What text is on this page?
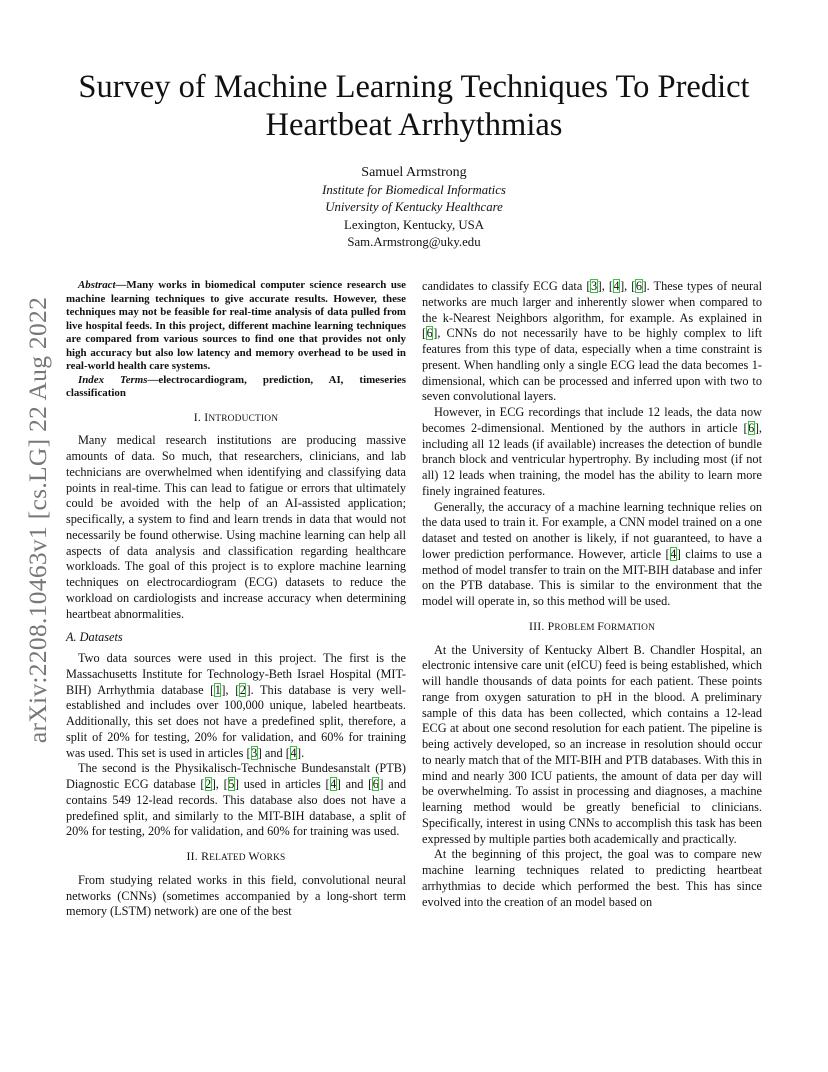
arXiv:2208.10463v1 [cs.LG] 22 Aug 2022
Survey of Machine Learning Techniques To Predict
Heartbeat Arrhythmias
Samuel Armstrong
Institute for Biomedical Informatics
University of Kentucky Healthcare
Lexington, Kentucky, USA
Sam.Armstrong@uky.edu

Abstract—Many works in biomedical computer science research use machine learning techniques to give accurate results. However, these techniques may not be feasible for real-time analysis of data pulled from live hospital feeds. In this project, different machine learning techniques are compared from various sources to find one that provides not only high accuracy but also low latency and memory overhead to be used in real-world health care systems.

Index Terms—electrocardiogram, prediction, AI, timeseries classification

I. INTRODUCTION

Many medical research institutions are producing massive amounts of data. So much, that researchers, clinicians, and lab technicians are overwhelmed when identifying and classifying data points in real-time. This can lead to fatigue or errors that ultimately could be avoided with the help of an AI-assisted application; specifically, a system to find and learn trends in data that would not necessarily be found otherwise. Using machine learning can help all aspects of data analysis and classification regarding healthcare workloads. The goal of this project is to explore machine learning techniques on electrocardiogram (ECG) datasets to reduce the workload on cardiologists and increase accuracy when determining heartbeat abnormalities.

A. Datasets

Two data sources were used in this project. The first is the Massachusetts Institute for Technology-Beth Israel Hospital (MIT-BIH) Arrhythmia database [1], [2]. This database is very well-established and includes over 100,000 unique, labeled heartbeats. Additionally, this set does not have a predefined split, therefore, a split of 20% for testing, 20% for validation, and 60% for training was used. This set is used in articles [3] and [4].

The second is the Physikalisch-Technische Bundesanstalt (PTB) Diagnostic ECG database [2], [5] used in articles [4] and [6] and contains 549 12-lead records. This database also does not have a predefined split, and similarly to the MIT-BIH database, a split of 20% for testing, 20% for validation, and 60% for training was used.

II. RELATED WORKS

From studying related works in this field, convolutional neural networks (CNNs) (sometimes accompanied by a long-short term memory (LSTM) network) are one of the best

candidates to classify ECG data [3], [4], [6]. These types of neural networks are much larger and inherently slower when compared to the k-Nearest Neighbors algorithm, for example. As explained in [6], CNNs do not necessarily have to be highly complex to lift features from this type of data, especially when a time constraint is present. When handling only a single ECG lead the data becomes 1-dimensional, which can be processed and inferred upon with two to seven convolutional layers.

However, in ECG recordings that include 12 leads, the data now becomes 2-dimensional. Mentioned by the authors in article [6], including all 12 leads (if available) increases the detection of bundle branch block and ventricular hypertrophy. By including most (if not all) 12 leads when training, the model has the ability to learn more finely ingrained features.

Generally, the accuracy of a machine learning technique relies on the data used to train it. For example, a CNN model trained on a one dataset and tested on another is likely, if not guaranteed, to have a lower prediction performance. However, article [4] claims to use a method of model transfer to train on the MIT-BIH database and infer on the PTB database. This is similar to the environment that the model will operate in, so this method will be used.

III. PROBLEM FORMATION

At the University of Kentucky Albert B. Chandler Hospital, an electronic intensive care unit (eICU) feed is being established, which will handle thousands of data points for each patient. These points range from oxygen saturation to pH in the blood. A preliminary sample of this data has been collected, which contains a 12-lead ECG at about one second resolution for each patient. The pipeline is being actively developed, so an increase in resolution should occur to nearly match that of the MIT-BIH and PTB databases. With this in mind and nearly 300 ICU patients, the amount of data per day will be overwhelming. To assist in processing and diagnoses, a machine learning method would be greatly beneficial to clinicians. Specifically, interest in using CNNs to accomplish this task has been expressed by multiple parties both academically and practically.

At the beginning of this project, the goal was to compare new machine learning techniques related to predicting heartbeat arrhythmias to decide which performed the best. This has since evolved into the creation of an model based on
